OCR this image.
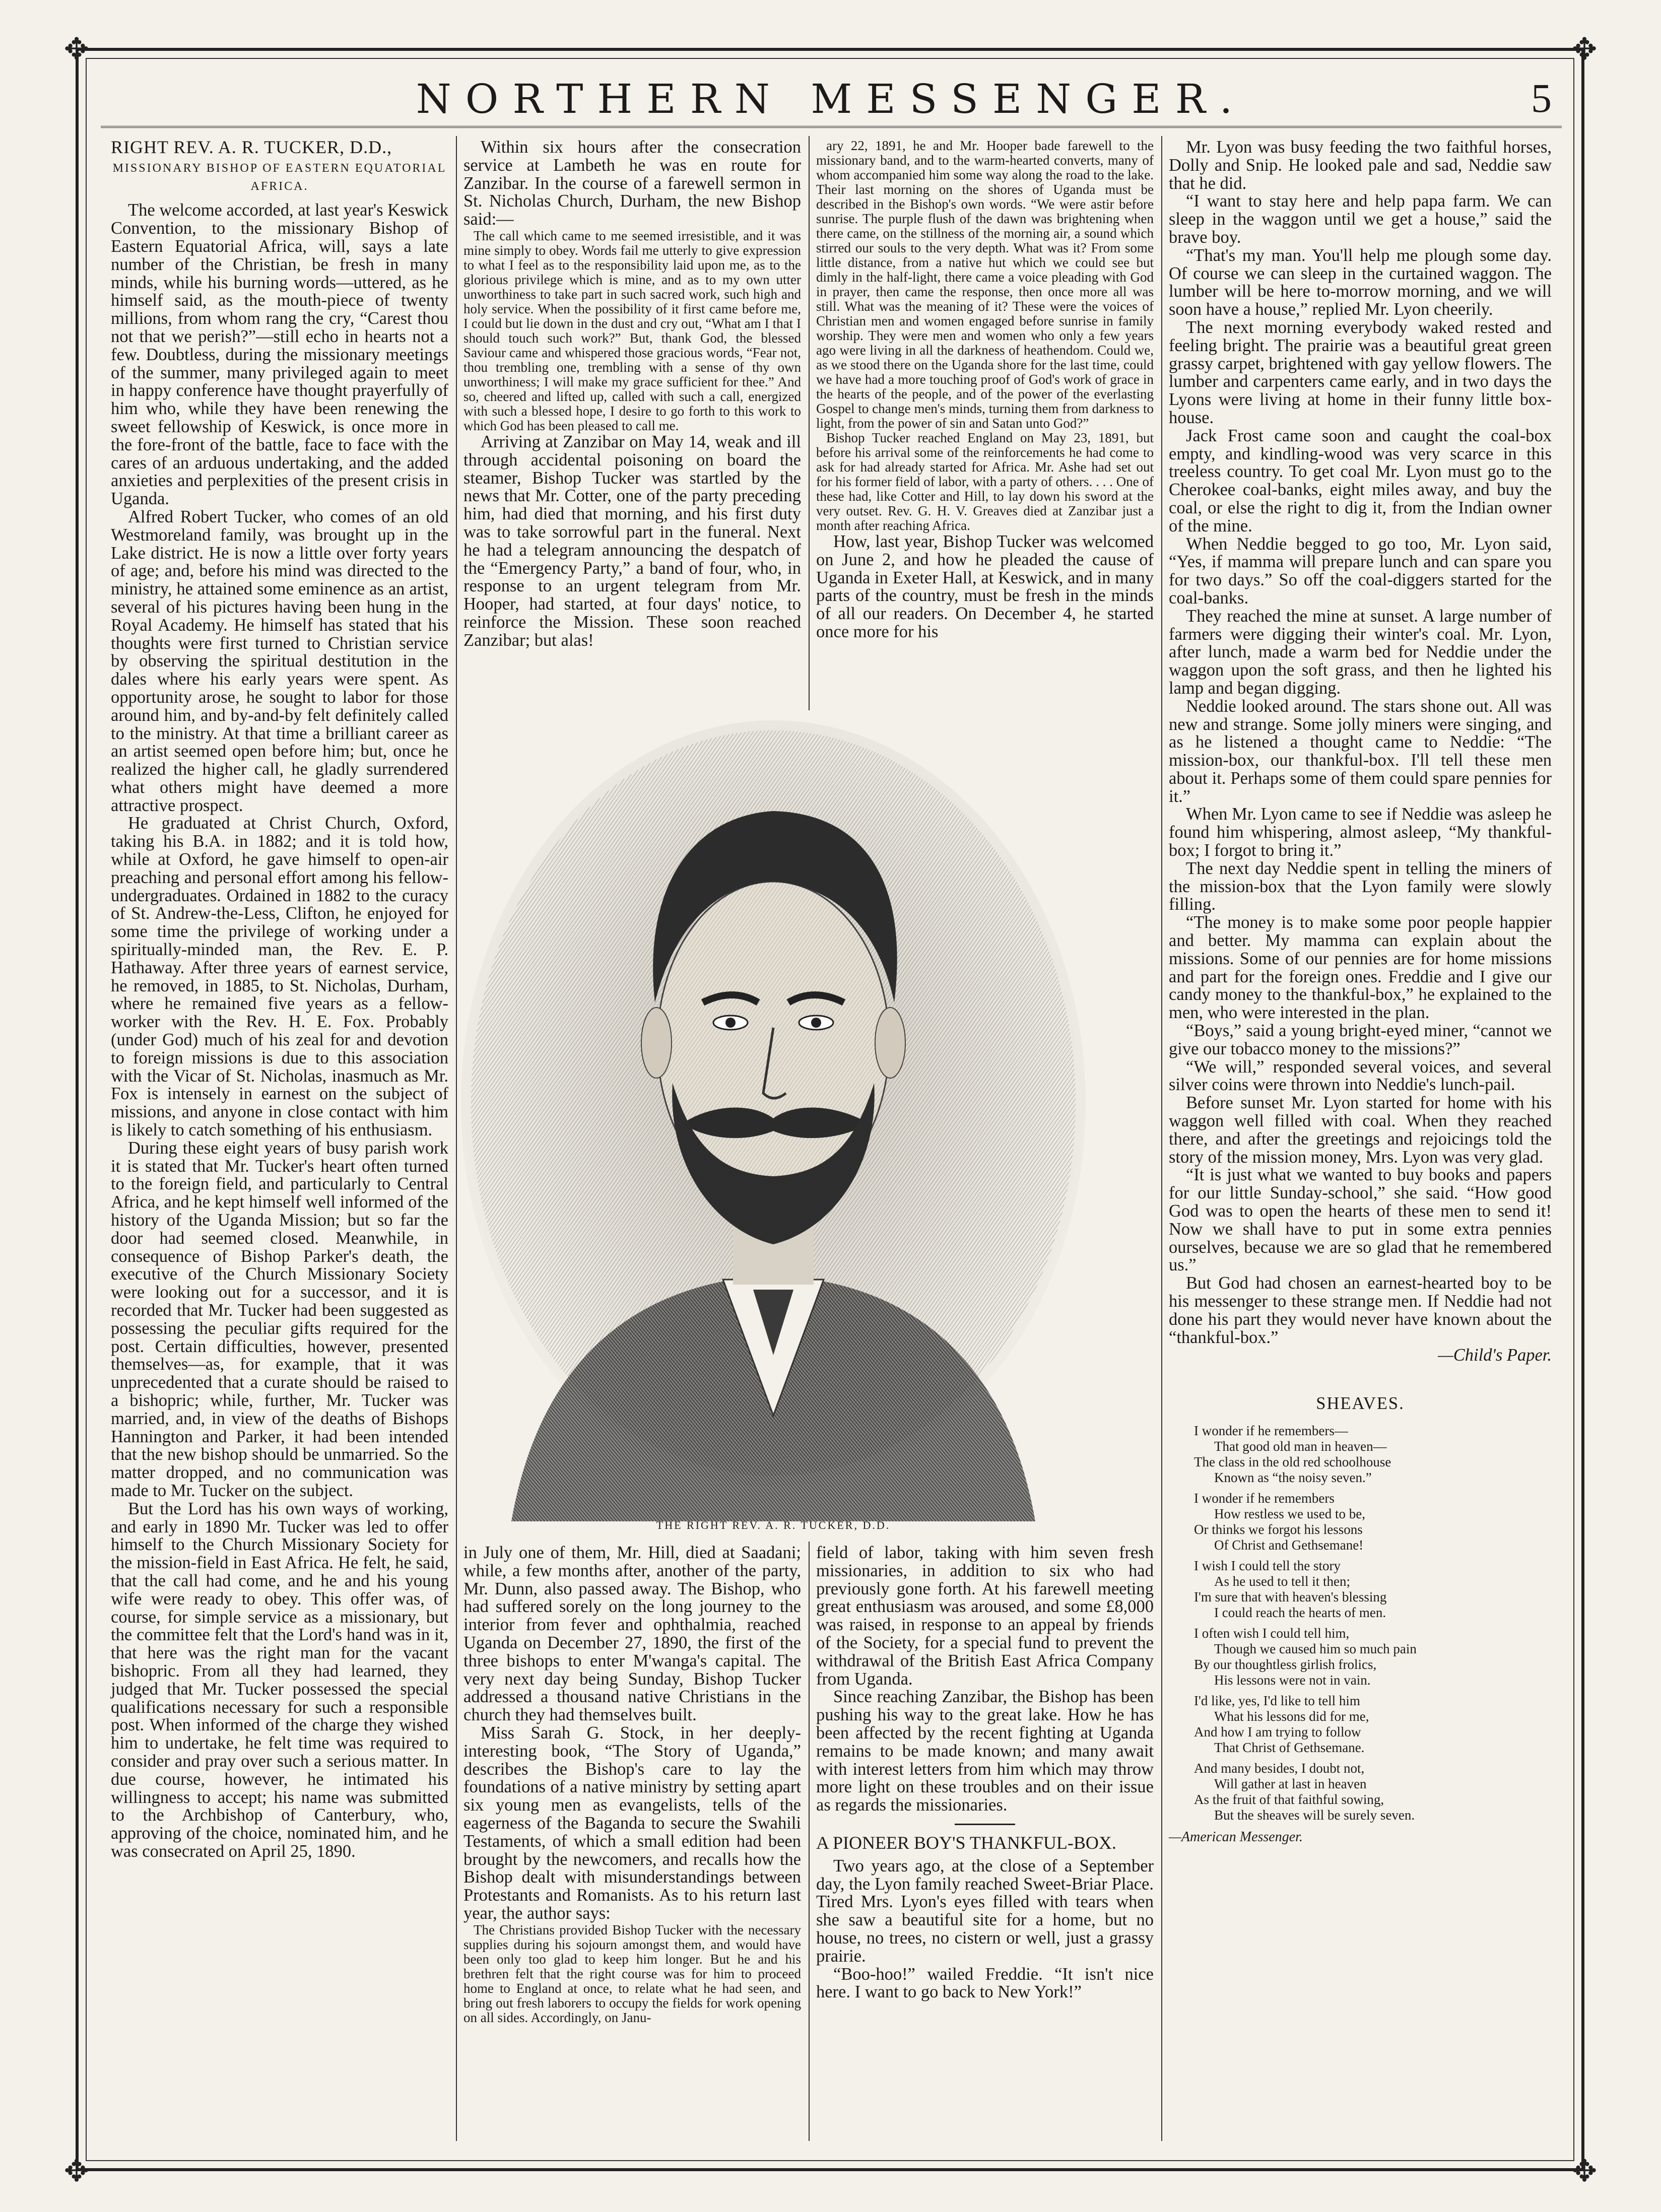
✥	✥
✥	✥
NORTHERN MESSENGER.	5
RIGHT REV. A. R. TUCKER, D.D.,
MISSIONARY BISHOP OF EASTERN EQUATORIAL AFRICA.

The welcome accorded, at last year's Keswick Convention, to the missionary Bishop of Eastern Equatorial Africa, will, says a late number of the Christian, be fresh in many minds, while his burning words—uttered, as he himself said, as the mouth-piece of twenty millions, from whom rang the cry, “Carest thou not that we perish?”—still echo in hearts not a few. Doubtless, during the missionary meetings of the summer, many privileged again to meet in happy conference have thought prayerfully of him who, while they have been renewing the sweet fellowship of Keswick, is once more in the fore-front of the battle, face to face with the cares of an arduous undertaking, and the added anxieties and perplexities of the present crisis in Uganda.

Alfred Robert Tucker, who comes of an old Westmoreland family, was brought up in the Lake district. He is now a little over forty years of age; and, before his mind was directed to the ministry, he attained some eminence as an artist, several of his pictures having been hung in the Royal Academy. He himself has stated that his thoughts were first turned to Christian service by observing the spiritual destitution in the dales where his early years were spent. As opportunity arose, he sought to labor for those around him, and by-and-by felt definitely called to the ministry. At that time a brilliant career as an artist seemed open before him; but, once he realized the higher call, he gladly surrendered what others might have deemed a more attractive prospect.

He graduated at Christ Church, Oxford, taking his B.A. in 1882; and it is told how, while at Oxford, he gave himself to open-air preaching and personal effort among his fellow-undergraduates. Ordained in 1882 to the curacy of St. Andrew-the-Less, Clifton, he enjoyed for some time the privilege of working under a spiritually-minded man, the Rev. E. P. Hathaway. After three years of earnest service, he removed, in 1885, to St. Nicholas, Durham, where he remained five years as a fellow-worker with the Rev. H. E. Fox. Probably (under God) much of his zeal for and devotion to foreign missions is due to this association with the Vicar of St. Nicholas, inasmuch as Mr. Fox is intensely in earnest on the subject of missions, and anyone in close contact with him is likely to catch something of his enthusiasm.

During these eight years of busy parish work it is stated that Mr. Tucker's heart often turned to the foreign field, and particularly to Central Africa, and he kept himself well informed of the history of the Uganda Mission; but so far the door had seemed closed. Meanwhile, in consequence of Bishop Parker's death, the executive of the Church Missionary Society were looking out for a successor, and it is recorded that Mr. Tucker had been suggested as possessing the peculiar gifts required for the post. Certain difficulties, however, presented themselves—as, for example, that it was unprecedented that a curate should be raised to a bishopric; while, further, Mr. Tucker was married, and, in view of the deaths of Bishops Hannington and Parker, it had been intended that the new bishop should be unmarried. So the matter dropped, and no communication was made to Mr. Tucker on the subject.

But the Lord has his own ways of working, and early in 1890 Mr. Tucker was led to offer himself to the Church Missionary Society for the mission-field in East Africa. He felt, he said, that the call had come, and he and his young wife were ready to obey. This offer was, of course, for simple service as a missionary, but the committee felt that the Lord's hand was in it, that here was the right man for the vacant bishopric. From all they had learned, they judged that Mr. Tucker possessed the special qualifications necessary for such a responsible post. When informed of the charge they wished him to undertake, he felt time was required to consider and pray over such a serious matter. In due course, however, he intimated his willingness to accept; his name was submitted to the Archbishop of Canterbury, who, approving of the choice, nominated him, and he was consecrated on April 25, 1890.

Within six hours after the consecration service at Lambeth he was en route for Zanzibar. In the course of a farewell sermon in St. Nicholas Church, Durham, the new Bishop said:—

The call which came to me seemed irresistible, and it was mine simply to obey. Words fail me utterly to give expression to what I feel as to the responsibility laid upon me, as to the glorious privilege which is mine, and as to my own utter unworthiness to take part in such sacred work, such high and holy service. When the possibility of it first came before me, I could but lie down in the dust and cry out, “What am I that I should touch such work?” But, thank God, the blessed Saviour came and whispered those gracious words, “Fear not, thou trembling one, trembling with a sense of thy own unworthiness; I will make my grace sufficient for thee.” And so, cheered and lifted up, called with such a call, energized with such a blessed hope, I desire to go forth to this work to which God has been pleased to call me.

Arriving at Zanzibar on May 14, weak and ill through accidental poisoning on board the steamer, Bishop Tucker was startled by the news that Mr. Cotter, one of the party preceding him, had died that morning, and his first duty was to take sorrowful part in the funeral. Next he had a telegram announcing the despatch of the “Emergency Party,” a band of four, who, in response to an urgent telegram from Mr. Hooper, had started, at four days' notice, to reinforce the Mission. These soon reached Zanzibar; but alas!

ary 22, 1891, he and Mr. Hooper bade farewell to the missionary band, and to the warm-hearted converts, many of whom accompanied him some way along the road to the lake. Their last morning on the shores of Uganda must be described in the Bishop's own words. “We were astir before sunrise. The purple flush of the dawn was brightening when there came, on the stillness of the morning air, a sound which stirred our souls to the very depth. What was it? From some little distance, from a native hut which we could see but dimly in the half-light, there came a voice pleading with God in prayer, then came the response, then once more all was still. What was the meaning of it? These were the voices of Christian men and women engaged before sunrise in family worship. They were men and women who only a few years ago were living in all the darkness of heathendom. Could we, as we stood there on the Uganda shore for the last time, could we have had a more touching proof of God's work of grace in the hearts of the people, and of the power of the everlasting Gospel to change men's minds, turning them from darkness to light, from the power of sin and Satan unto God?”

Bishop Tucker reached England on May 23, 1891, but before his arrival some of the reinforcements he had come to ask for had already started for Africa. Mr. Ashe had set out for his former field of labor, with a party of others. . . . One of these had, like Cotter and Hill, to lay down his sword at the very outset. Rev. G. H. V. Greaves died at Zanzibar just a month after reaching Africa.

How, last year, Bishop Tucker was welcomed on June 2, and how he pleaded the cause of Uganda in Exeter Hall, at Keswick, and in many parts of the country, must be fresh in the minds of all our readers. On December 4, he started once more for his

THE RIGHT REV. A. R. TUCKER, D.D.

in July one of them, Mr. Hill, died at Saadani; while, a few months after, another of the party, Mr. Dunn, also passed away. The Bishop, who had suffered sorely on the long journey to the interior from fever and ophthalmia, reached Uganda on December 27, 1890, the first of the three bishops to enter M'wanga's capital. The very next day being Sunday, Bishop Tucker addressed a thousand native Christians in the church they had themselves built.

Miss Sarah G. Stock, in her deeply-interesting book, “The Story of Uganda,” describes the Bishop's care to lay the foundations of a native ministry by setting apart six young men as evangelists, tells of the eagerness of the Baganda to secure the Swahili Testaments, of which a small edition had been brought by the newcomers, and recalls how the Bishop dealt with misunderstandings between Protestants and Romanists. As to his return last year, the author says:

The Christians provided Bishop Tucker with the necessary supplies during his sojourn amongst them, and would have been only too glad to keep him longer. But he and his brethren felt that the right course was for him to proceed home to England at once, to relate what he had seen, and bring out fresh laborers to occupy the fields for work opening on all sides. Accordingly, on Janu-

field of labor, taking with him seven fresh missionaries, in addition to six who had previously gone forth. At his farewell meeting great enthusiasm was aroused, and some £8,000 was raised, in response to an appeal by friends of the Society, for a special fund to prevent the withdrawal of the British East Africa Company from Uganda.

Since reaching Zanzibar, the Bishop has been pushing his way to the great lake. How he has been affected by the recent fighting at Uganda remains to be made known; and many await with interest letters from him which may throw more light on these troubles and on their issue as regards the missionaries.

A PIONEER BOY'S THANKFUL-BOX.

Two years ago, at the close of a September day, the Lyon family reached Sweet-Briar Place. Tired Mrs. Lyon's eyes filled with tears when she saw a beautiful site for a home, but no house, no trees, no cistern or well, just a grassy prairie.

“Boo-hoo!” wailed Freddie. “It isn't nice here. I want to go back to New York!”

Mr. Lyon was busy feeding the two faithful horses, Dolly and Snip. He looked pale and sad, Neddie saw that he did.

“I want to stay here and help papa farm. We can sleep in the waggon until we get a house,” said the brave boy.

“That's my man. You'll help me plough some day. Of course we can sleep in the curtained waggon. The lumber will be here to-morrow morning, and we will soon have a house,” replied Mr. Lyon cheerily.

The next morning everybody waked rested and feeling bright. The prairie was a beautiful great green grassy carpet, brightened with gay yellow flowers. The lumber and carpenters came early, and in two days the Lyons were living at home in their funny little box-house.

Jack Frost came soon and caught the coal-box empty, and kindling-wood was very scarce in this treeless country. To get coal Mr. Lyon must go to the Cherokee coal-banks, eight miles away, and buy the coal, or else the right to dig it, from the Indian owner of the mine.

When Neddie begged to go too, Mr. Lyon said, “Yes, if mamma will prepare lunch and can spare you for two days.” So off the coal-diggers started for the coal-banks.

They reached the mine at sunset. A large number of farmers were digging their winter's coal. Mr. Lyon, after lunch, made a warm bed for Neddie under the waggon upon the soft grass, and then he lighted his lamp and began digging.

Neddie looked around. The stars shone out. All was new and strange. Some jolly miners were singing, and as he listened a thought came to Neddie: “The mission-box, our thankful-box. I'll tell these men about it. Perhaps some of them could spare pennies for it.”

When Mr. Lyon came to see if Neddie was asleep he found him whispering, almost asleep, “My thankful-box; I forgot to bring it.”

The next day Neddie spent in telling the miners of the mission-box that the Lyon family were slowly filling.

“The money is to make some poor people happier and better. My mamma can explain about the missions. Some of our pennies are for home missions and part for the foreign ones. Freddie and I give our candy money to the thankful-box,” he explained to the men, who were interested in the plan.

“Boys,” said a young bright-eyed miner, “cannot we give our tobacco money to the missions?”

“We will,” responded several voices, and several silver coins were thrown into Neddie's lunch-pail.

Before sunset Mr. Lyon started for home with his waggon well filled with coal. When they reached there, and after the greetings and rejoicings told the story of the mission money, Mrs. Lyon was very glad.

“It is just what we wanted to buy books and papers for our little Sunday-school,” she said. “How good God was to open the hearts of these men to send it! Now we shall have to put in some extra pennies ourselves, because we are so glad that he remembered us.”

But God had chosen an earnest-hearted boy to be his messenger to these strange men. If Neddie had not done his part they would never have known about the “thankful-box.”

—Child's Paper.
SHEAVES.
I wonder if he remembers—
That good old man in heaven—
The class in the old red schoolhouse
Known as “the noisy seven.”
I wonder if he remembers
How restless we used to be,
Or thinks we forgot his lessons
Of Christ and Gethsemane!
I wish I could tell the story
As he used to tell it then;
I'm sure that with heaven's blessing
I could reach the hearts of men.
I often wish I could tell him,
Though we caused him so much pain
By our thoughtless girlish frolics,
His lessons were not in vain.
I'd like, yes, I'd like to tell him
What his lessons did for me,
And how I am trying to follow
That Christ of Gethsemane.
And many besides, I doubt not,
Will gather at last in heaven
As the fruit of that faithful sowing,
But the sheaves will be surely seven.
—American Messenger.
